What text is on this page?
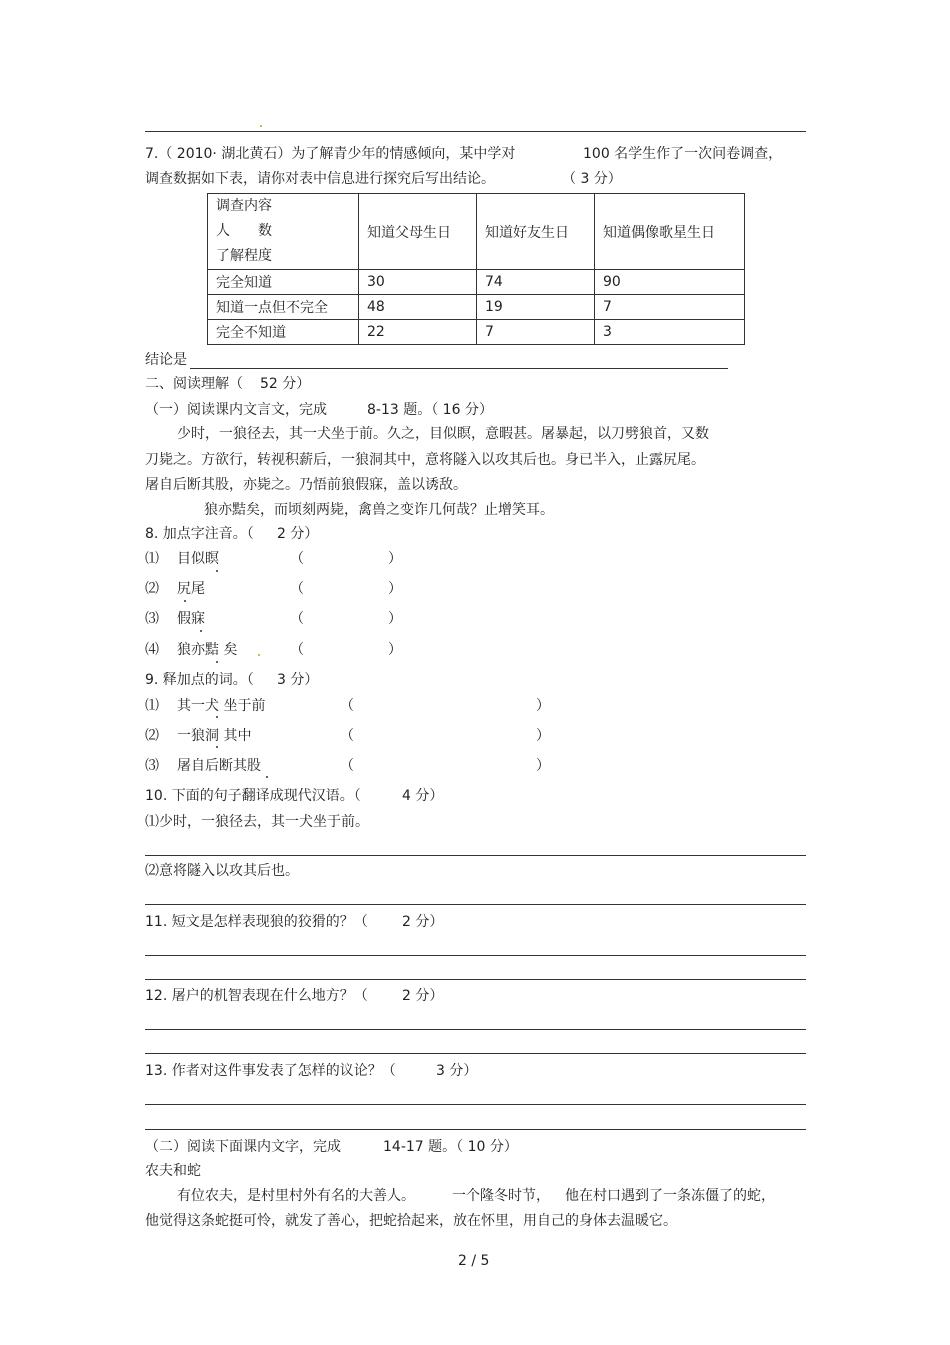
7.（ 2010· 湖北黄石）为了解青少年的情感倾向，某中学对	100 名学生作了一次问卷调查，
调查数据如下表，请你对表中信息进行探究后写出结论。	（ 3 分）
调查内容
人　　数
了解程度	知道父母生日	知道好友生日	知道偶像歌星生日
完全知道	30	74	90
知道一点但不完全	48	19	7
完全不知道	22	7	3
结论是
二、阅读理解（ 52 分）
（一）阅读课内文言文，完成	8-13 题。（ 16 分）
少时，一狼径去，其一犬坐于前。久之，目似瞑，意暇甚。屠暴起，以刀劈狼首，又数
刀毙之。方欲行，转视积薪后，一狼洞其中，意将隧入以攻其后也。身已半入，止露尻尾。
屠自后断其股，亦毙之。乃悟前狼假寐，盖以诱敌。
狼亦黠矣，而顷刻两毙，禽兽之变诈几何哉？止增笑耳。
8. 加点字注音。（ 2 分）
⑴ 目似瞑	（　　　　　　）
⑵ 尻尾	（　　　　　　）
⑶ 假寐	（　　　　　　）
⑷ 狼亦黠 矣	（　　　　　　）
9. 释加点的词。（ 3 分）
⑴ 其一犬 坐于前	（　　　　　　　　　　　　　）
⑵ 一狼洞 其中	（　　　　　　　　　　　　　）
⑶ 屠自后断其股	（　　　　　　　　　　　　　）
10. 下面的句子翻译成现代汉语。（	4 分）
⑴少时，一狼径去，其一犬坐于前。
⑵意将隧入以攻其后也。
11. 短文是怎样表现狼的狡猾的？（ 2 分）
12. 屠户的机智表现在什么地方？（ 2 分）
13. 作者对这件事发表了怎样的议论？（	3 分）
（二）阅读下面课内文字，完成	14-17 题。（ 10 分）
农夫和蛇
有位农夫，是村里村外有名的大善人。	一个隆冬时节， 他在村口遇到了一条冻僵了的蛇，
他觉得这条蛇挺可怜，就发了善心，把蛇拾起来，放在怀里，用自己的身体去温暖它。
2 / 5
